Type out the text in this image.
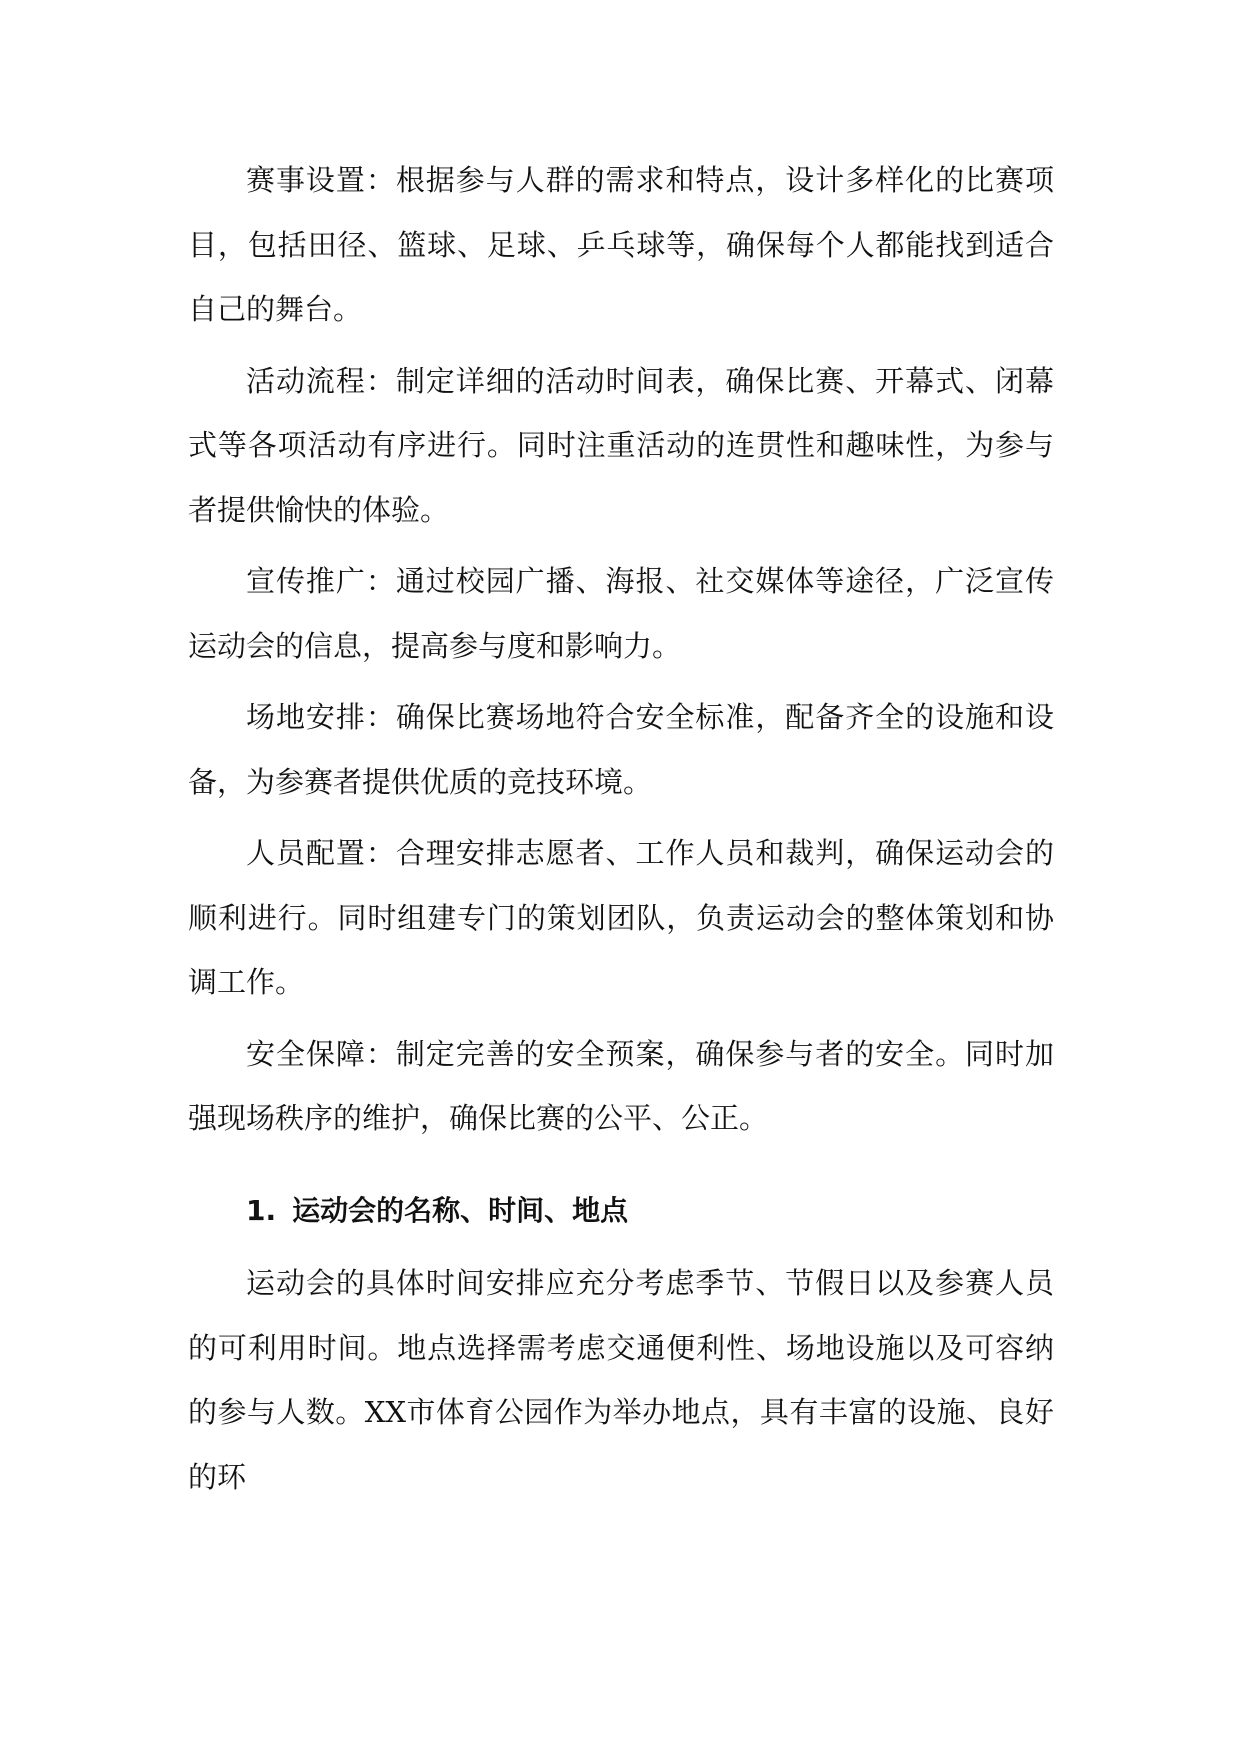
赛事设置：根据参与人群的需求和特点，设计多样化的比赛项目，包括田径、篮球、足球、乒乓球等，确保每个人都能找到适合自己的舞台。

活动流程：制定详细的活动时间表，确保比赛、开幕式、闭幕式等各项活动有序进行。同时注重活动的连贯性和趣味性，为参与者提供愉快的体验。

宣传推广：通过校园广播、海报、社交媒体等途径，广泛宣传运动会的信息，提高参与度和影响力。

场地安排：确保比赛场地符合安全标准，配备齐全的设施和设备，为参赛者提供优质的竞技环境。

人员配置：合理安排志愿者、工作人员和裁判，确保运动会的顺利进行。同时组建专门的策划团队，负责运动会的整体策划和协调工作。

安全保障：制定完善的安全预案，确保参与者的安全。同时加强现场秩序的维护，确保比赛的公平、公正。

1. 运动会的名称、时间、地点

运动会的具体时间安排应充分考虑季节、节假日以及参赛人员的可利用时间。地点选择需考虑交通便利性、场地设施以及可容纳的参与人数。XX市体育公园作为举办地点，具有丰富的设施、良好的环
